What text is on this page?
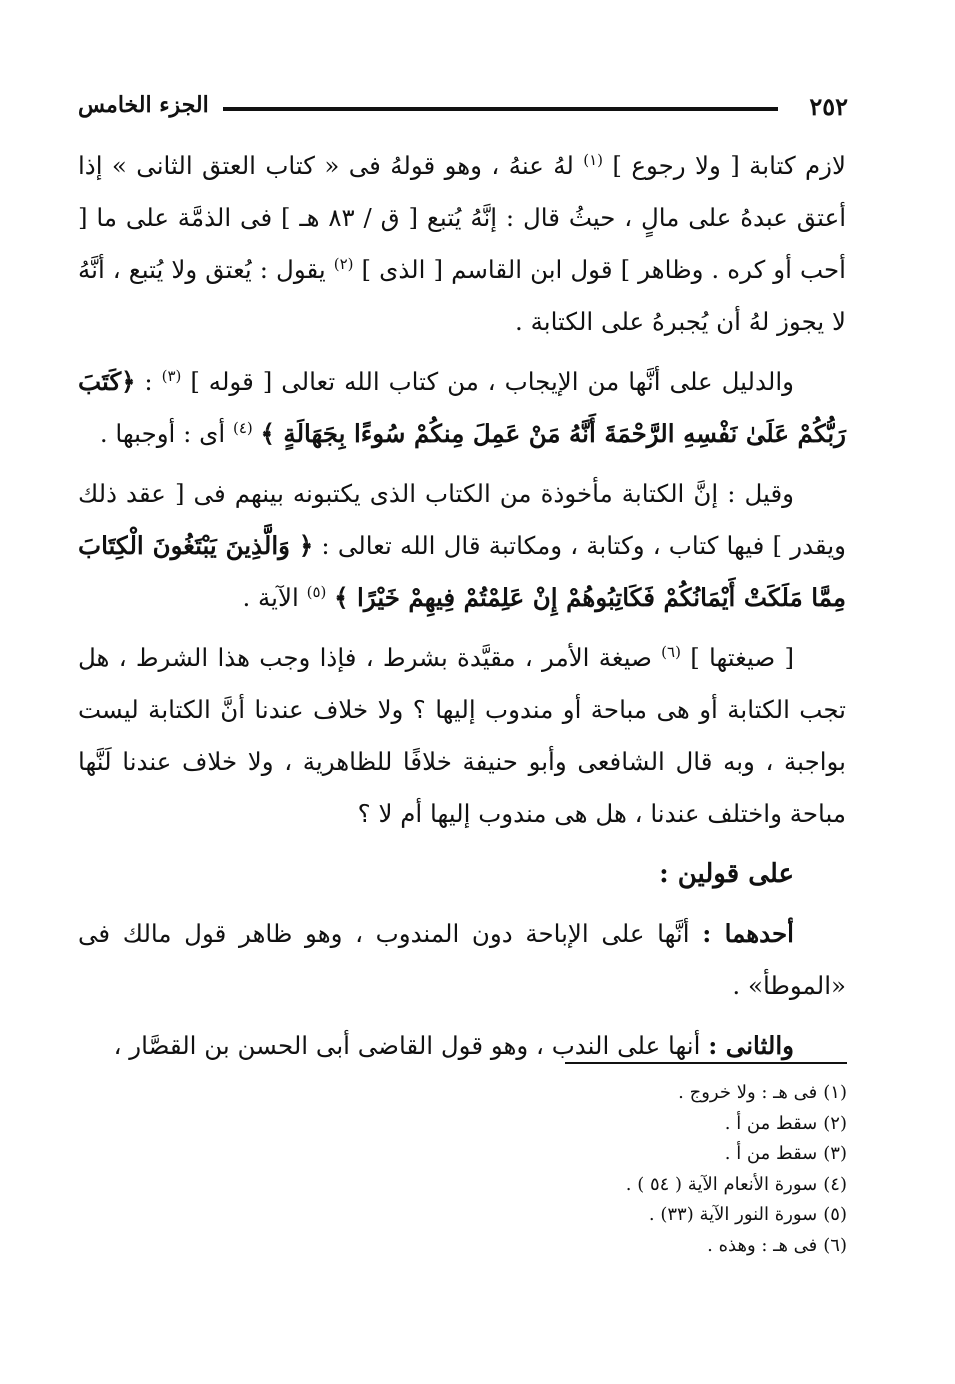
٢٥٢
الجزء الخامس

لازم كتابة [ ولا رجوع ] $^{(١)}$ لهُ عنهُ ، وهو قولهُ فى « كتاب العتق الثانى » إذا أعتق عبدهُ على مالٍ ، حيثُ قال : إنَّهُ يُتبع [ ق / ٨٣ هـ ] فى الذمَّة على ما [ أحب أو كره . وظاهر ] قول ابن القاسم [ الذى ] $^{(٢)}$ يقول : يُعتق ولا يُتبع ، أنَّهُ لا يجوز لهُ أن يُجبرهُ على الكتابة .

والدليل على أنَّها من الإيجاب ، من كتاب الله تعالى [ قوله ] $^{(٣)}$ : ﴿كَتَبَ رَبُّكُمْ عَلَىٰ نَفْسِهِ الرَّحْمَةَ أَنَّهُ مَنْ عَمِلَ مِنكُمْ سُوءًا بِجَهَالَةٍ ﴾ $^{(٤)}$ أى : أوجبها .

وقيل : إنَّ الكتابة مأخوذة من الكتاب الذى يكتبونه بينهم فى [ عقد ذلك ويقدر ] فيها كتاب ، وكتابة ، ومكاتبة قال الله تعالى : ﴿ وَالَّذِينَ يَبْتَغُونَ الْكِتَابَ مِمَّا مَلَكَتْ أَيْمَانُكُمْ فَكَاتِبُوهُمْ إِنْ عَلِمْتُمْ فِيهِمْ خَيْرًا ﴾ $^{(٥)}$ الآية .

[ صيغتها ] $^{(٦)}$ صيغة الأمر ، مقيَّدة بشرط ، فإذا وجب هذا الشرط ، هل تجب الكتابة أو هى مباحة أو مندوب إليها ؟ ولا خلاف عندنا أنَّ الكتابة ليست بواجبة ، وبه قال الشافعى وأبو حنيفة خلافًا للظاهرية ، ولا خلاف عندنا لَنَّها مباحة واختلف عندنا ، هل هى مندوب إليها أم لا ؟

على قولين :

أحدهما : أنَّها على الإباحة دون المندوب ، وهو ظاهر قول مالك فى «الموطأ» .

والثانى : أنها على الندب ، وهو قول القاضى أبى الحسن بن القصَّار ،

(١)فى هـ : ولا خروج .
(٢)سقط من أ .
(٣)سقط من أ .
(٤)سورة الأنعام الآية ( ٥٤ ) .
(٥)سورة النور الآية (٣٣) .
(٦)فى هـ : وهذه .
